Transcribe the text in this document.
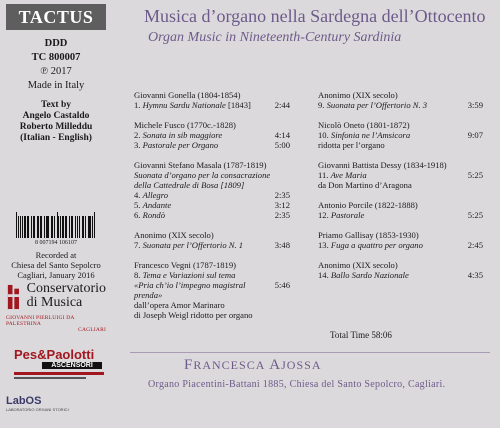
TACTUS
DDD
TC 800007
℗ 2017
Made in Italy
Text by
Angelo Castaldo
Roberto Milleddu
(Italian - English)
8 007194 106107
Recorded at
Chiesa del Santo Sepolcro
Cagliari, January 2016
Conservatorio
di Musica
GIOVANNI PIERLUIGI DA PALESTRINA
CAGLIARI
Pes&Paolotti
ASCENSORI
LabOS
LABORATORIO ORGANI STORICI
Musica d’organo nella Sardegna dell’Ottocento
Organ Music in Nineteenth-Century Sardinia
Giovanni Gonella (1804-1854)
1. Hymnu Sardu Nationale [1843]	2:44
Michele Fusco (1770c.-1828)
2. Sonata in sib maggiore	4:14
3. Pastorale per Organo	5:00
Giovanni Stefano Masala (1787-1819)
Suonata d’organo per la consacrazione
della Cattedrale di Bosa [1809]
4. Allegro	2:35
5. Andante	3:12
6. Rondò	2:35
Anonimo (XIX secolo)
7. Suonata per l’Offertorio N. 1	3:48
Francesco Vegni (1787-1819)
8. Tema e Variazioni sul tema
«Pria ch’io l’impegno magistral prenda»
5:46
dall’opera Amor Marinaro
di Joseph Weigl ridotto per organo
Anonimo (XIX secolo)
9. Suonata per l’Offertorio N. 3	3:59
Nicolò Oneto (1801-1872)
10. Sinfonia ne l’Amsicora	9:07
ridotta per l’organo
Giovanni Battista Dessy (1834-1918)
11. Ave Maria	5:25
da Don Martino d’Aragona
Antonio Porcile (1822-1888)
12. Pastorale	5:25
Priamo Gallisay (1853-1930)
13. Fuga a quattro per organo	2:45
Anonimo (XIX secolo)
14. Ballo Sardo Nazionale	4:35
Total Time 58:06
FRANCESCA AJOSSA
Organo Piacentini-Battani 1885, Chiesa del Santo Sepolcro, Cagliari.
